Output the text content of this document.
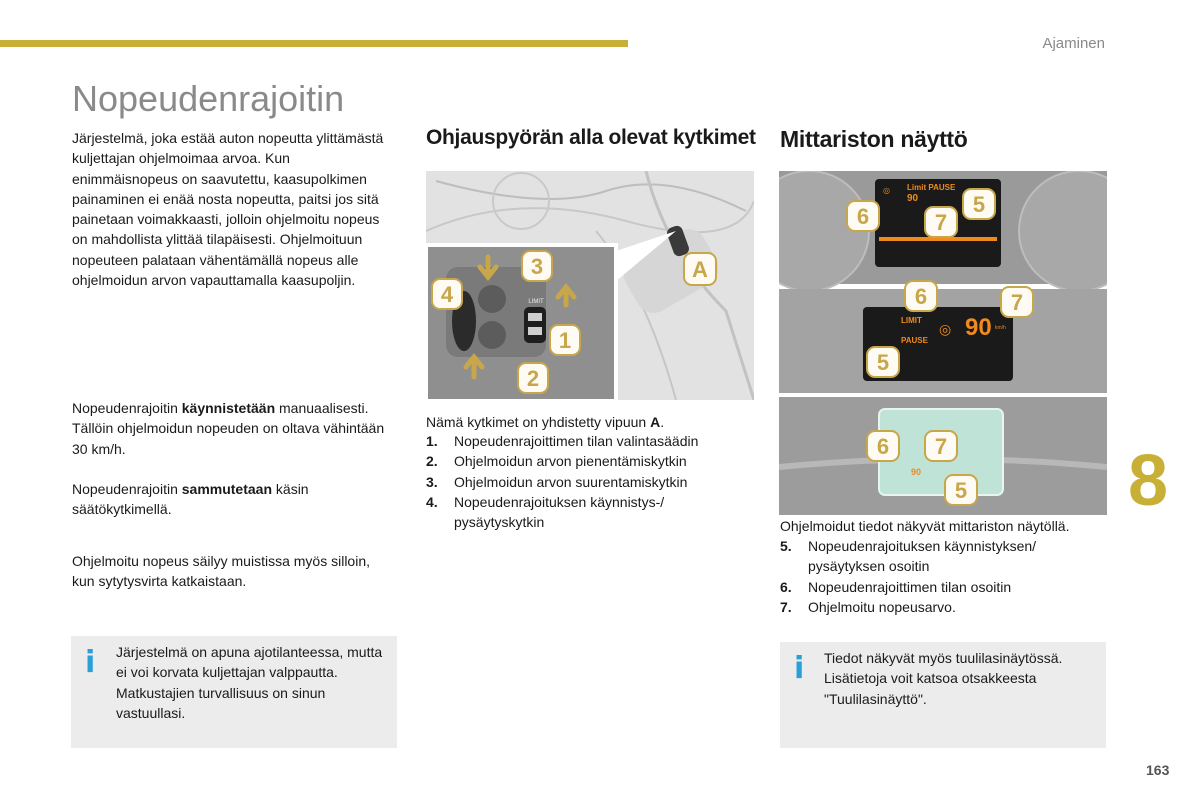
Ajaminen
Nopeudenrajoitin

Järjestelmä, joka estää auton nopeutta ylittämästä kuljettajan ohjelmoimaa arvoa. Kun enimmäisnopeus on saavutettu, kaasupolkimen painaminen ei enää nosta nopeutta, paitsi jos sitä painetaan voimakkaasti, jolloin ohjelmoitu nopeus on mahdollista ylittää tilapäisesti. Ohjelmoituun nopeuteen palataan vähentämällä nopeus alle ohjelmoidun arvon vapauttamalla kaasupoljin.

Nopeudenrajoitin käynnistetään manuaalisesti. Tällöin ohjelmoidun nopeuden on oltava vähintään 30 km/h.

Nopeudenrajoitin sammutetaan käsin säätökytkimellä.

Ohjelmoitu nopeus säilyy muistissa myös silloin, kun sytytysvirta katkaistaan.

i Järjestelmä on apuna ajotilanteessa, mutta ei voi korvata kuljettajan valppautta. Matkustajien turvallisuus on sinun vastuullasi.
Ohjauspyörän alla olevat kytkimet
LIMIT
3
4
1
2
A

Nämä kytkimet on yhdistetty vipuun A.

1. Nopeudenrajoittimen tilan valintasäädin
2. Ohjelmoidun arvon pienentämiskytkin
3. Ohjelmoidun arvon suurentamiskytkin
4. Nopeudenrajoituksen käynnistys-/ pysäytyskytkin
Mittariston näyttö
◎ Limit PAUSE
90
6	7
5
LIMIT
◎ 90 km/h
PAUSE
6	7
5
90
6 7
5

Ohjelmoidut tiedot näkyvät mittariston näytöllä.

5. Nopeudenrajoituksen käynnistyksen/ pysäytyksen osoitin
6. Nopeudenrajoittimen tilan osoitin
7. Ohjelmoitu nopeusarvo.
i Tiedot näkyvät myös tuulilasinäytössä. Lisätietoja voit katsoa otsakkeesta "Tuulilasinäyttö".
8
163
